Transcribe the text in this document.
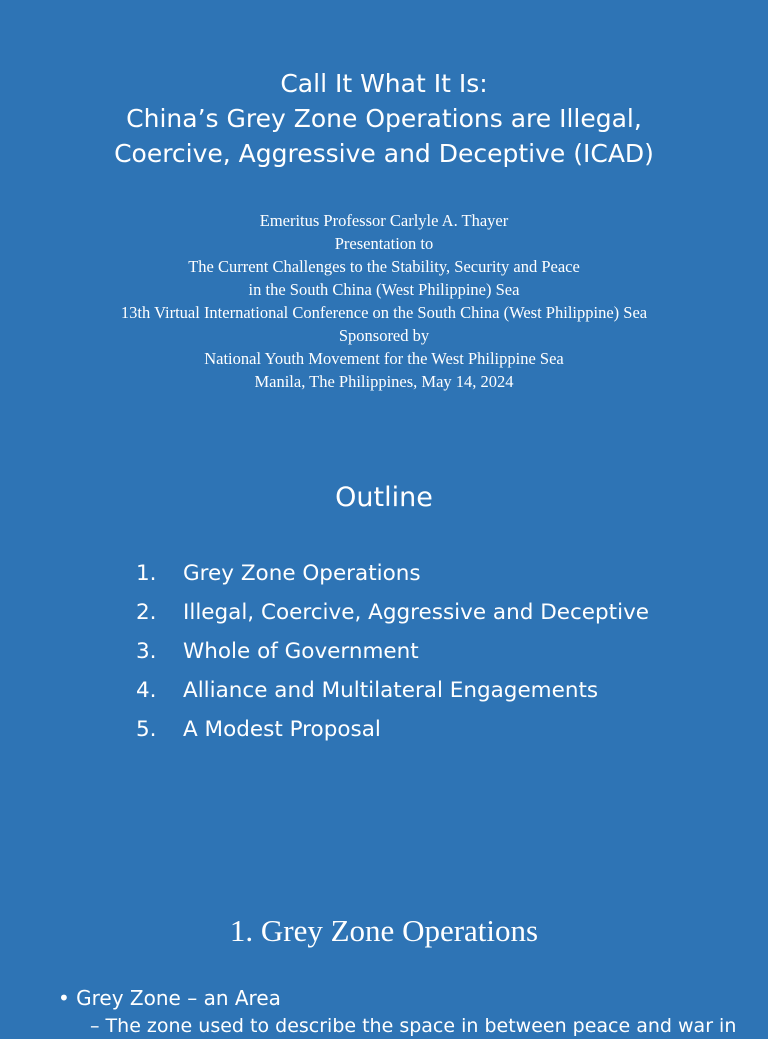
Call It What It Is:
China’s Grey Zone Operations are Illegal,
Coercive, Aggressive and Deceptive (ICAD)
Emeritus Professor Carlyle A. Thayer
Presentation to
The Current Challenges to the Stability, Security and Peace
in the South China (West Philippine) Sea
13th Virtual International Conference on the South China (West Philippine) Sea
Sponsored by
National Youth Movement for the West Philippine Sea
Manila, The Philippines, May 14, 2024
Outline
1. Grey Zone Operations
2. Illegal, Coercive, Aggressive and Deceptive
3. Whole of Government
4. Alliance and Multilateral Engagements
5. A Modest Proposal
1. Grey Zone Operations
• Grey Zone – an Area
– The zone used to describe the space in between peace and war in
